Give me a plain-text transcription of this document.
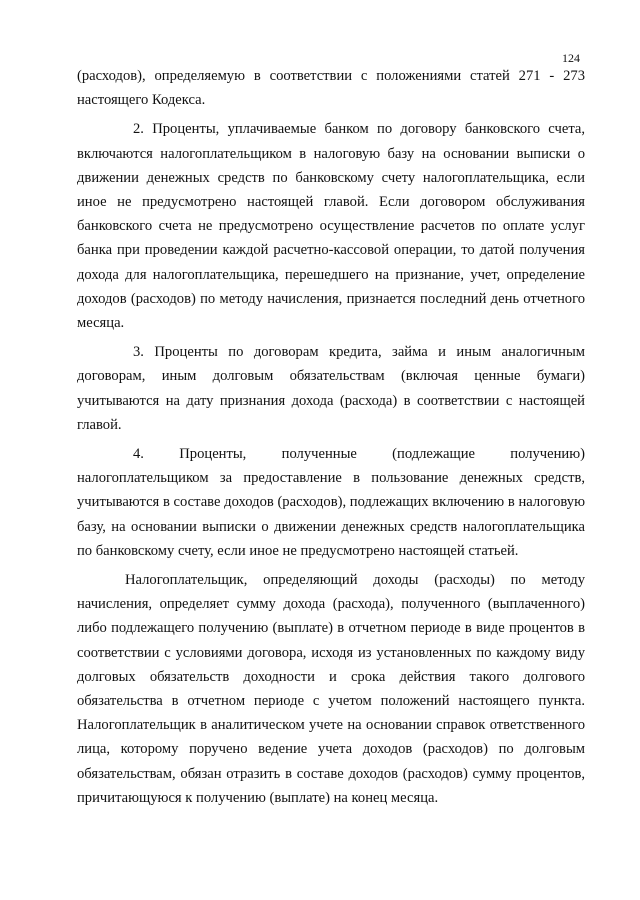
124

(расходов), определяемую в соответствии с положениями статей 271 - 273 настоящего Кодекса.

2. Проценты, уплачиваемые банком по договору банковского счета, включаются налогоплательщиком в налоговую базу на основании выписки о движении денежных средств по банковскому счету налогоплательщика, если иное не предусмотрено настоящей главой. Если договором обслуживания банковского счета не предусмотрено осуществление расчетов по оплате услуг банка при проведении каждой расчетно-кассовой операции, то датой получения дохода для налогоплательщика, перешедшего на признание, учет, определение доходов (расходов) по методу начисления, признается последний день отчетного месяца.

3. Проценты по договорам кредита, займа и иным аналогичным договорам, иным долговым обязательствам (включая ценные бумаги) учитываются на дату признания дохода (расхода) в соответствии с настоящей главой.

4. Проценты, полученные (подлежащие получению) налогоплательщиком за предоставление в пользование денежных средств, учитываются в составе доходов (расходов), подлежащих включению в налоговую базу, на основании выписки о движении денежных средств налогоплательщика по банковскому счету, если иное не предусмотрено настоящей статьей.

Налогоплательщик, определяющий доходы (расходы) по методу начисления, определяет сумму дохода (расхода), полученного (выплаченного) либо подлежащего получению (выплате) в отчетном периоде в виде процентов в соответствии с условиями договора, исходя из установленных по каждому виду долговых обязательств доходности и срока действия такого долгового обязательства в отчетном периоде с учетом положений настоящего пункта. Налогоплательщик в аналитическом учете на основании справок ответственного лица, которому поручено ведение учета доходов (расходов) по долговым обязательствам, обязан отразить в составе доходов (расходов) сумму процентов, причитающуюся к получению (выплате) на конец месяца.
